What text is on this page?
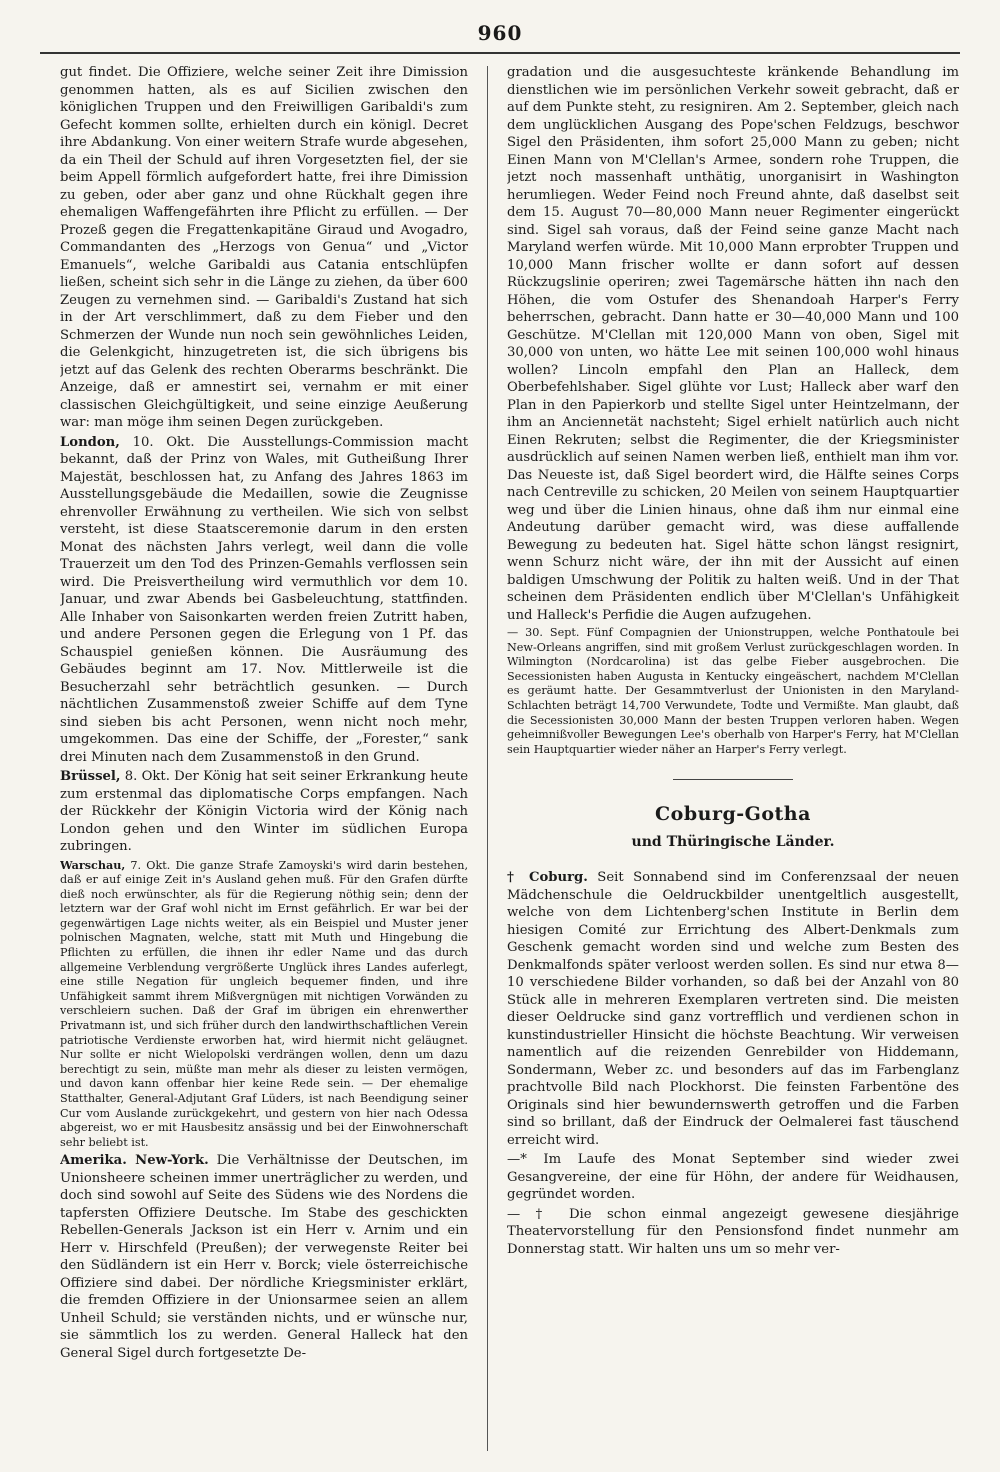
960

gut findet. Die Offiziere, welche seiner Zeit ihre Dimission genommen hatten, als es auf Sicilien zwischen den königlichen Truppen und den Freiwilligen Garibaldi's zum Gefecht kommen sollte, erhielten durch ein königl. Decret ihre Abdankung. Von einer weitern Strafe wurde abgesehen, da ein Theil der Schuld auf ihren Vorgesetzten fiel, der sie beim Appell förmlich aufgefordert hatte, frei ihre Dimission zu geben, oder aber ganz und ohne Rückhalt gegen ihre ehemaligen Waffengefährten ihre Pflicht zu erfüllen. — Der Prozeß gegen die Fregattenkapitäne Giraud und Avogadro, Commandanten des „Herzogs von Genua“ und „Victor Emanuels“, welche Garibaldi aus Catania entschlüpfen ließen, scheint sich sehr in die Länge zu ziehen, da über 600 Zeugen zu vernehmen sind. — Garibaldi's Zustand hat sich in der Art verschlimmert, daß zu dem Fieber und den Schmerzen der Wunde nun noch sein gewöhnliches Leiden, die Gelenkgicht, hinzugetreten ist, die sich übrigens bis jetzt auf das Gelenk des rechten Oberarms beschränkt. Die Anzeige, daß er amnestirt sei, vernahm er mit einer classischen Gleichgültigkeit, und seine einzige Aeußerung war: man möge ihm seinen Degen zurückgeben.

London, 10. Okt. Die Ausstellungs-Commission macht bekannt, daß der Prinz von Wales, mit Gutheißung Ihrer Majestät, beschlossen hat, zu Anfang des Jahres 1863 im Ausstellungsgebäude die Medaillen, sowie die Zeugnisse ehrenvoller Erwähnung zu vertheilen. Wie sich von selbst versteht, ist diese Staatsceremonie darum in den ersten Monat des nächsten Jahrs verlegt, weil dann die volle Trauerzeit um den Tod des Prinzen-Gemahls verflossen sein wird. Die Preisvertheilung wird vermuthlich vor dem 10. Januar, und zwar Abends bei Gasbeleuchtung, stattfinden. Alle Inhaber von Saisonkarten werden freien Zutritt haben, und andere Personen gegen die Erlegung von 1 Pf. das Schauspiel genießen können. Die Ausräumung des Gebäudes beginnt am 17. Nov. Mittlerweile ist die Besucherzahl sehr beträchtlich gesunken. — Durch nächtlichen Zusammenstoß zweier Schiffe auf dem Tyne sind sieben bis acht Personen, wenn nicht noch mehr, umgekommen. Das eine der Schiffe, der „Forester,“ sank drei Minuten nach dem Zusammenstoß in den Grund.

Brüssel, 8. Okt. Der König hat seit seiner Erkrankung heute zum erstenmal das diplomatische Corps empfangen. Nach der Rückkehr der Königin Victoria wird der König nach London gehen und den Winter im südlichen Europa zubringen.

Warschau, 7. Okt. Die ganze Strafe Zamoyski's wird darin bestehen, daß er auf einige Zeit in's Ausland gehen muß. Für den Grafen dürfte dieß noch erwünschter, als für die Regierung nöthig sein; denn der letztern war der Graf wohl nicht im Ernst gefährlich. Er war bei der gegenwärtigen Lage nichts weiter, als ein Beispiel und Muster jener polnischen Magnaten, welche, statt mit Muth und Hingebung die Pflichten zu erfüllen, die ihnen ihr edler Name und das durch allgemeine Verblendung vergrößerte Unglück ihres Landes auferlegt, eine stille Negation für ungleich bequemer finden, und ihre Unfähigkeit sammt ihrem Mißvergnügen mit nichtigen Vorwänden zu verschleiern suchen. Daß der Graf im übrigen ein ehrenwerther Privatmann ist, und sich früher durch den landwirthschaftlichen Verein patriotische Verdienste erworben hat, wird hiermit nicht geläugnet. Nur sollte er nicht Wielopolski verdrängen wollen, denn um dazu berechtigt zu sein, müßte man mehr als dieser zu leisten vermögen, und davon kann offenbar hier keine Rede sein. — Der ehemalige Statthalter, General-Adjutant Graf Lüders, ist nach Beendigung seiner Cur vom Auslande zurückgekehrt, und gestern von hier nach Odessa abgereist, wo er mit Hausbesitz ansässig und bei der Einwohnerschaft sehr beliebt ist.

Amerika. New-York. Die Verhältnisse der Deutschen, im Unionsheere scheinen immer unerträglicher zu werden, und doch sind sowohl auf Seite des Südens wie des Nordens die tapfersten Offiziere Deutsche. Im Stabe des geschickten Rebellen-Generals Jackson ist ein Herr v. Arnim und ein Herr v. Hirschfeld (Preußen); der verwegenste Reiter bei den Südländern ist ein Herr v. Borck; viele österreichische Offiziere sind dabei. Der nördliche Kriegsminister erklärt, die fremden Offiziere in der Unionsarmee seien an allem Unheil Schuld; sie verständen nichts, und er wünsche nur, sie sämmtlich los zu werden. General Halleck hat den General Sigel durch fortgesetzte De-

gradation und die ausgesuchteste kränkende Behandlung im dienstlichen wie im persönlichen Verkehr soweit gebracht, daß er auf dem Punkte steht, zu resigniren. Am 2. September, gleich nach dem unglücklichen Ausgang des Pope'schen Feldzugs, beschwor Sigel den Präsidenten, ihm sofort 25,000 Mann zu geben; nicht Einen Mann von M'Clellan's Armee, sondern rohe Truppen, die jetzt noch massenhaft unthätig, unorganisirt in Washington herumliegen. Weder Feind noch Freund ahnte, daß daselbst seit dem 15. August 70—80,000 Mann neuer Regimenter eingerückt sind. Sigel sah voraus, daß der Feind seine ganze Macht nach Maryland werfen würde. Mit 10,000 Mann erprobter Truppen und 10,000 Mann frischer wollte er dann sofort auf dessen Rückzugslinie operiren; zwei Tagemärsche hätten ihn nach den Höhen, die vom Ostufer des Shenandoah Harper's Ferry beherrschen, gebracht. Dann hatte er 30—40,000 Mann und 100 Geschütze. M'Clellan mit 120,000 Mann von oben, Sigel mit 30,000 von unten, wo hätte Lee mit seinen 100,000 wohl hinaus wollen? Lincoln empfahl den Plan an Halleck, dem Oberbefehlshaber. Sigel glühte vor Lust; Halleck aber warf den Plan in den Papierkorb und stellte Sigel unter Heintzelmann, der ihm an Anciennetät nachsteht; Sigel erhielt natürlich auch nicht Einen Rekruten; selbst die Regimenter, die der Kriegsminister ausdrücklich auf seinen Namen werben ließ, enthielt man ihm vor. Das Neueste ist, daß Sigel beordert wird, die Hälfte seines Corps nach Centreville zu schicken, 20 Meilen von seinem Hauptquartier weg und über die Linien hinaus, ohne daß ihm nur einmal eine Andeutung darüber gemacht wird, was diese auffallende Bewegung zu bedeuten hat. Sigel hätte schon längst resignirt, wenn Schurz nicht wäre, der ihn mit der Aussicht auf einen baldigen Umschwung der Politik zu halten weiß. Und in der That scheinen dem Präsidenten endlich über M'Clellan's Unfähigkeit und Halleck's Perfidie die Augen aufzugehen.

— 30. Sept. Fünf Compagnien der Unionstruppen, welche Ponthatoule bei New-Orleans angriffen, sind mit großem Verlust zurückgeschlagen worden. In Wilmington (Nordcarolina) ist das gelbe Fieber ausgebrochen. Die Secessionisten haben Augusta in Kentucky eingeäschert, nachdem M'Clellan es geräumt hatte. Der Gesammtverlust der Unionisten in den Maryland-Schlachten beträgt 14,700 Verwundete, Todte und Vermißte. Man glaubt, daß die Secessionisten 30,000 Mann der besten Truppen verloren haben. Wegen geheimnißvoller Bewegungen Lee's oberhalb von Harper's Ferry, hat M'Clellan sein Hauptquartier wieder näher an Harper's Ferry verlegt.

Coburg-Gotha
und Thüringische Länder.

† Coburg. Seit Sonnabend sind im Conferenzsaal der neuen Mädchenschule die Oeldruckbilder unentgeltlich ausgestellt, welche von dem Lichtenberg'schen Institute in Berlin dem hiesigen Comité zur Errichtung des Albert-Denkmals zum Geschenk gemacht worden sind und welche zum Besten des Denkmalfonds später verloost werden sollen. Es sind nur etwa 8—10 verschiedene Bilder vorhanden, so daß bei der Anzahl von 80 Stück alle in mehreren Exemplaren vertreten sind. Die meisten dieser Oeldrucke sind ganz vortrefflich und verdienen schon in kunstindustrieller Hinsicht die höchste Beachtung. Wir verweisen namentlich auf die reizenden Genrebilder von Hiddemann, Sondermann, Weber zc. und besonders auf das im Farbenglanz prachtvolle Bild nach Plockhorst. Die feinsten Farbentöne des Originals sind hier bewundernswerth getroffen und die Farben sind so brillant, daß der Eindruck der Oelmalerei fast täuschend erreicht wird.

—* Im Laufe des Monat September sind wieder zwei Gesangvereine, der eine für Höhn, der andere für Weidhausen, gegründet worden.

— † Die schon einmal angezeigt gewesene diesjährige Theatervorstellung für den Pensionsfond findet nunmehr am Donnerstag statt. Wir halten uns um so mehr ver-
